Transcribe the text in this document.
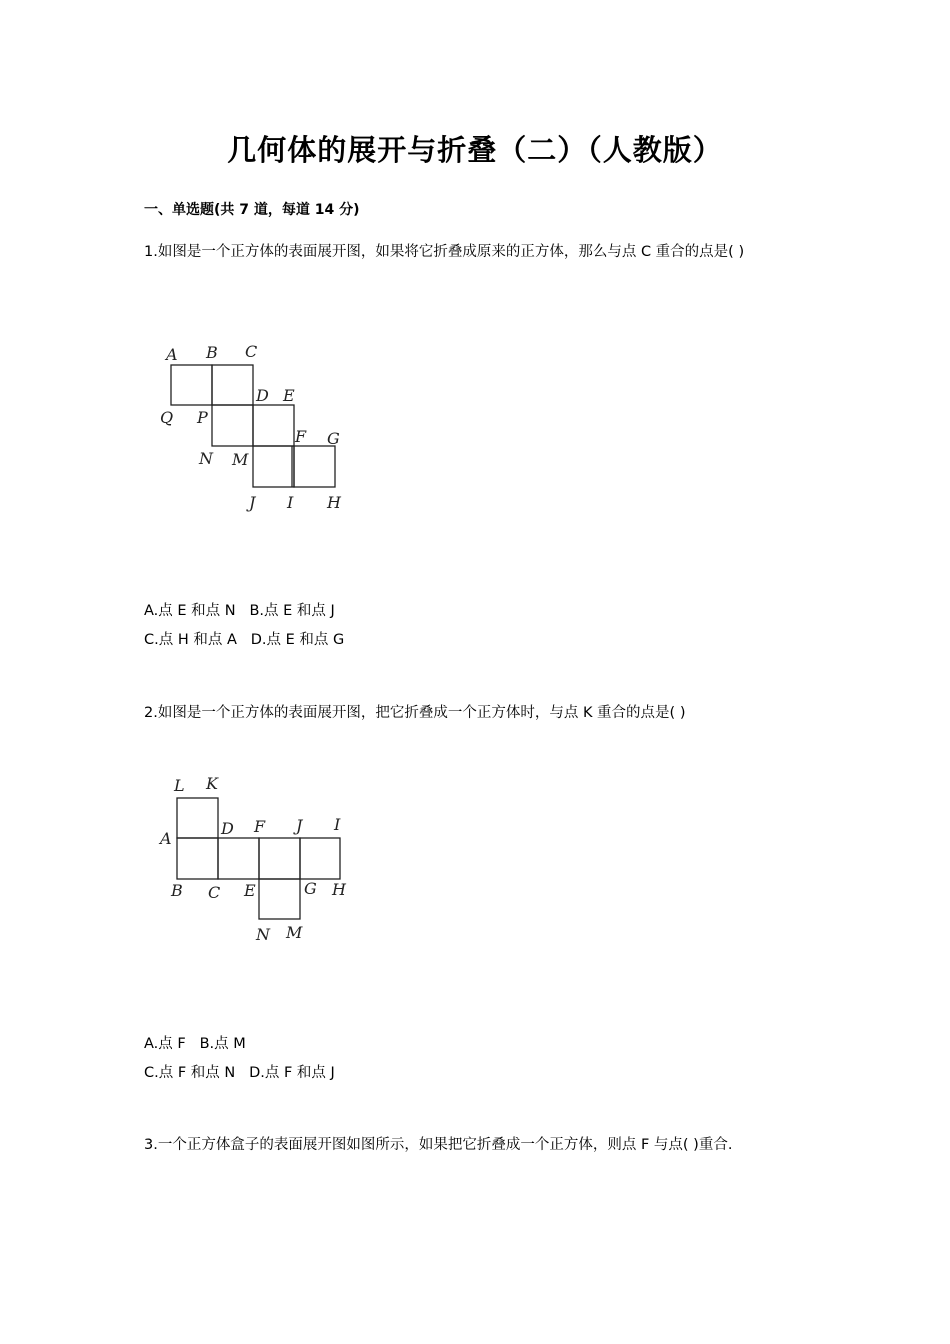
几何体的展开与折叠（二）（人教版）
一、单选题(共 7 道，每道 14 分)
1.如图是一个正方体的表面展开图，如果将它折叠成原来的正方体，那么与点 C 重合的点是( )
A B C
D E
Q P
F G
N M
J I H
A.点 E 和点 N B.点 E 和点 J
C.点 H 和点 A D.点 E 和点 G
2.如图是一个正方体的表面展开图，把它折叠成一个正方体时，与点 K 重合的点是( )
L K
A
D F J I
B C E	G H
N M
A.点 F B.点 M
C.点 F 和点 N D.点 F 和点 J
3.一个正方体盒子的表面展开图如图所示，如果把它折叠成一个正方体，则点 F 与点( )重合.
